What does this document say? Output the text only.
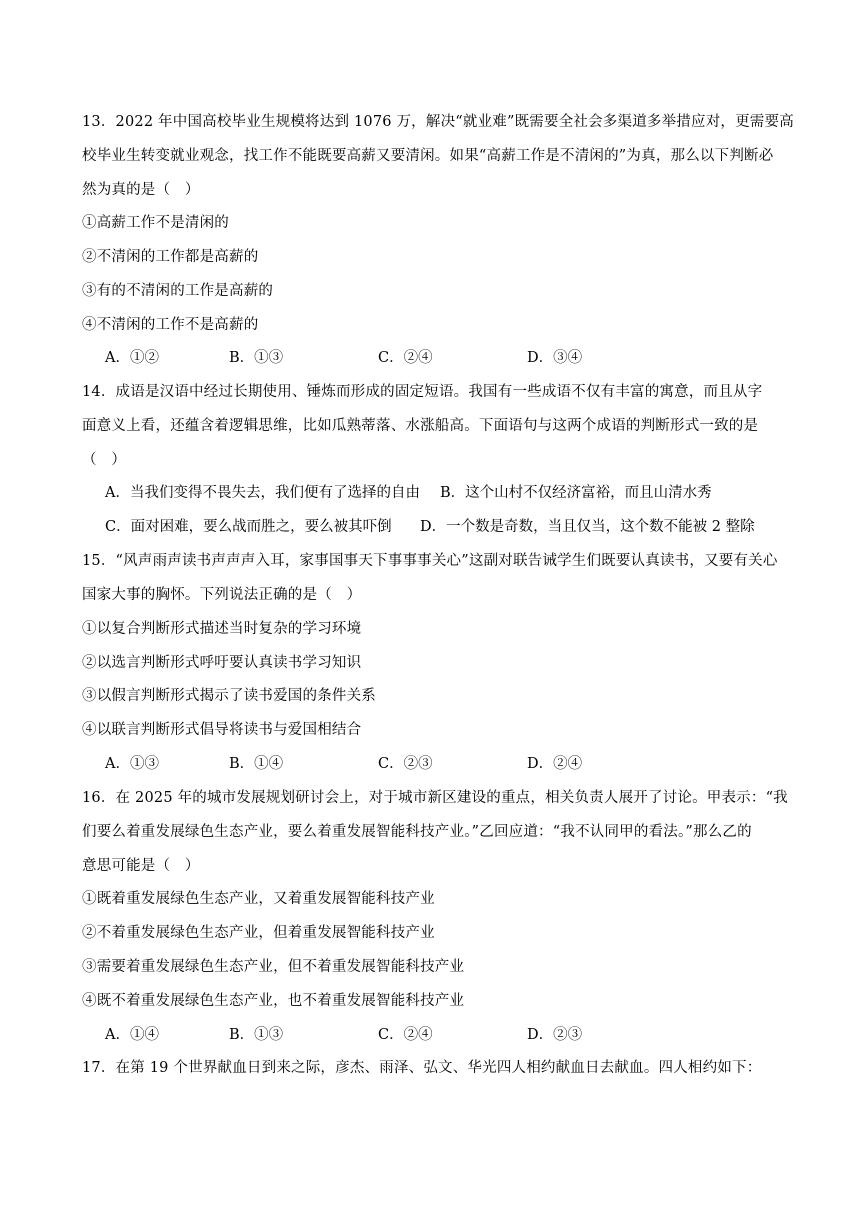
13．2022 年中国高校毕业生规模将达到 1076 万，解决“就业难”既需要全社会多渠道多举措应对，更需要高
校毕业生转变就业观念，找工作不能既要高薪又要清闲。如果“高薪工作是不清闲的”为真，那么以下判断必
然为真的是（　）
①高薪工作不是清闲的
②不清闲的工作都是高薪的
③有的不清闲的工作是高薪的
④不清闲的工作不是高薪的
A．①②	B．①③	C．②④	D．③④
14．成语是汉语中经过长期使用、锤炼而形成的固定短语。我国有一些成语不仅有丰富的寓意，而且从字
面意义上看，还蕴含着逻辑思维，比如瓜熟蒂落、水涨船高。下面语句与这两个成语的判断形式一致的是
（　）
A．当我们变得不畏失去，我们便有了选择的自由 B．这个山村不仅经济富裕，而且山清水秀
C．面对困难，要么战而胜之，要么被其吓倒 D．一个数是奇数，当且仅当，这个数不能被 2 整除
15．“风声雨声读书声声声入耳，家事国事天下事事事关心”这副对联告诫学生们既要认真读书，又要有关心
国家大事的胸怀。下列说法正确的是（　）
①以复合判断形式描述当时复杂的学习环境
②以选言判断形式呼吁要认真读书学习知识
③以假言判断形式揭示了读书爱国的条件关系
④以联言判断形式倡导将读书与爱国相结合
A．①③	B．①④	C．②③	D．②④
16．在 2025 年的城市发展规划研讨会上，对于城市新区建设的重点，相关负责人展开了讨论。甲表示：“我
们要么着重发展绿色生态产业，要么着重发展智能科技产业。”乙回应道：“我不认同甲的看法。”那么乙的
意思可能是（　）
①既着重发展绿色生态产业，又着重发展智能科技产业
②不着重发展绿色生态产业，但着重发展智能科技产业
③需要着重发展绿色生态产业，但不着重发展智能科技产业
④既不着重发展绿色生态产业，也不着重发展智能科技产业
A．①④	B．①③	C．②④	D．②③
17．在第 19 个世界献血日到来之际，彦杰、雨泽、弘文、华光四人相约献血日去献血。四人相约如下：
